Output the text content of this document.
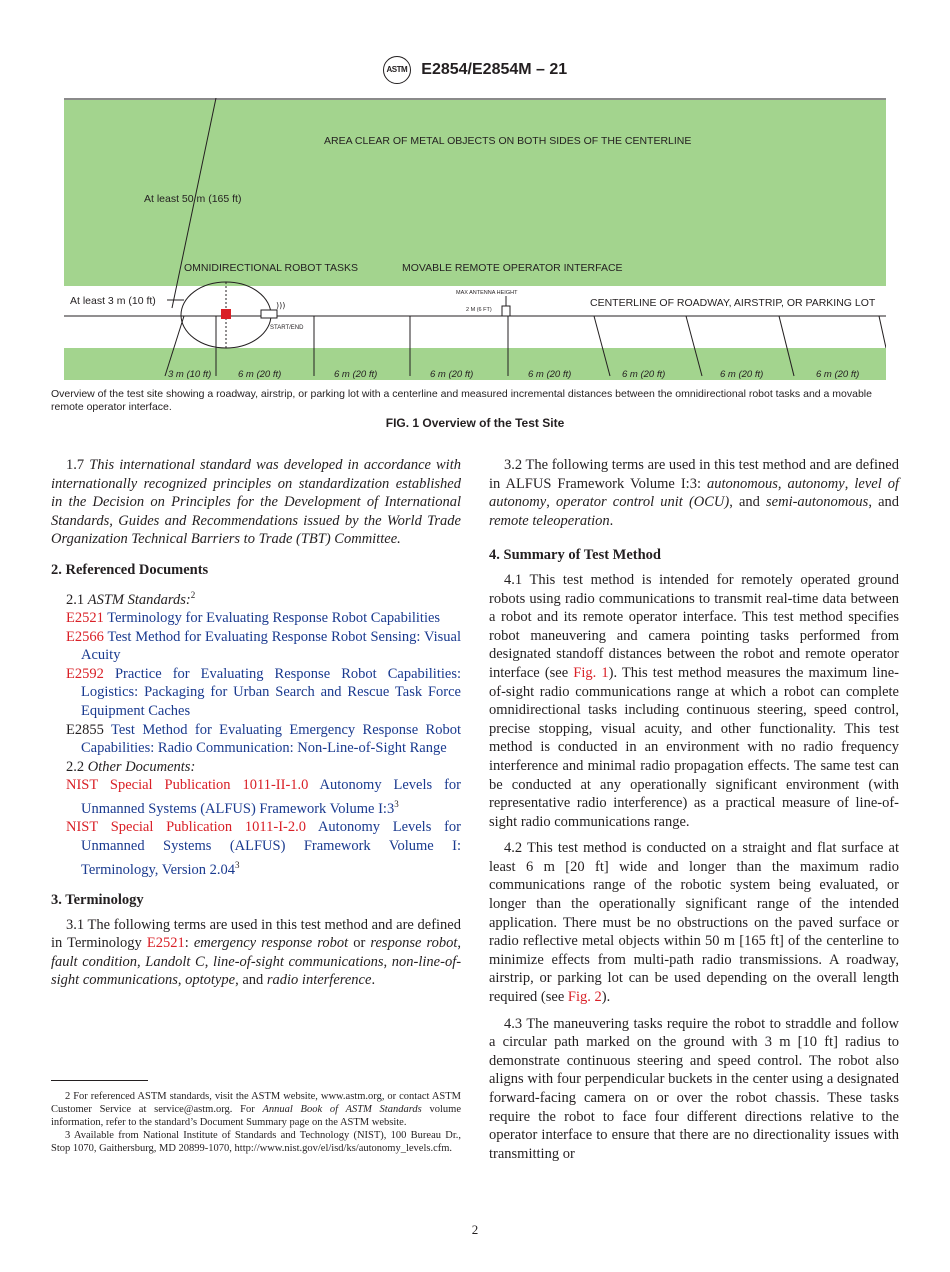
ASTM E2854/E2854M – 21
AREA CLEAR OF METAL OBJECTS ON BOTH SIDES OF THE CENTERLINE
At least 50 m (165 ft)
OMNIDIRECTIONAL ROBOT TASKS	MOVABLE REMOTE OPERATOR INTERFACE
At least 3 m (10 ft)
START/END
)))
MAX ANTENNA HEIGHT
2 M (6 FT)
CENTERLINE OF ROADWAY, AIRSTRIP, OR PARKING LOT
3 m (10 ft)	6 m (20 ft)	6 m (20 ft)	6 m (20 ft)	6 m (20 ft)	6 m (20 ft)	6 m (20 ft)	6 m (20 ft)
Overview of the test site showing a roadway, airstrip, or parking lot with a centerline and measured incremental distances between the omnidirectional robot tasks and a movable remote operator interface.
FIG. 1 Overview of the Test Site

1.7 This international standard was developed in accordance with internationally recognized principles on standardization established in the Decision on Principles for the Development of International Standards, Guides and Recommendations issued by the World Trade Organization Technical Barriers to Trade (TBT) Committee.

2. Referenced Documents

2.1 ASTM Standards:$^2$

E2521 Terminology for Evaluating Response Robot Capabilities
E2566 Test Method for Evaluating Response Robot Sensing: Visual Acuity
E2592 Practice for Evaluating Response Robot Capabilities: Logistics: Packaging for Urban Search and Rescue Task Force Equipment Caches
E2855 Test Method for Evaluating Emergency Response Robot Capabilities: Radio Communication: Non-Line-of-Sight Range

2.2 Other Documents:

NIST Special Publication 1011-II-1.0 Autonomy Levels for Unmanned Systems (ALFUS) Framework Volume $I:3^3$
NIST Special Publication 1011-I-2.0 Autonomy Levels for Unmanned Systems (ALFUS) Framework Volume I: Terminology, Version 2.04$^3$
3. Terminology

3.1 The following terms are used in this test method and are defined in Terminology E2521: emergency response robot or response robot, fault condition, Landolt C, line-of-sight communications, non-line-of-sight communications, optotype, and radio interference.

3.2 The following terms are used in this test method and are defined in ALFUS Framework Volume I:3: autonomous, autonomy, level of autonomy, operator control unit (OCU), and semi-autonomous, and remote teleoperation.

4. Summary of Test Method

4.1 This test method is intended for remotely operated ground robots using radio communications to transmit real-time data between a robot and its remote operator interface. This test method specifies robot maneuvering and camera pointing tasks performed from designated standoff distances between the robot and remote operator interface (see Fig. 1). This test method measures the maximum line-of-sight radio communications range at which a robot can complete omnidirectional tasks including continuous steering, speed control, precise stopping, visual acuity, and other functionality. This test method is conducted in an environment with no radio frequency interference and minimal radio propagation effects. The same test can be conducted at any operationally significant environment (with representative radio interference) as a practical measure of line-of-sight radio communications range.

4.2 This test method is conducted on a straight and flat surface at least 6 m [20 ft] wide and longer than the maximum radio communications range of the robotic system being evaluated, or longer than the operationally significant range of the intended application. There must be no obstructions on the paved surface or radio reflective metal objects within 50 m [165 ft] of the centerline to minimize effects from multi-path radio transmissions. A roadway, airstrip, or parking lot can be used depending on the overall length required (see Fig. 2).

4.3 The maneuvering tasks require the robot to straddle and follow a circular path marked on the ground with 3 m [10 ft] radius to demonstrate continuous steering and speed control. The robot also aligns with four perpendicular buckets in the center using a designated forward-facing camera on or over the robot chassis. These tasks require the robot to face four different directions relative to the operator interface to ensure that there are no directionality issues with transmitting or

2 For referenced ASTM standards, visit the ASTM website, www.astm.org, or contact ASTM Customer Service at service@astm.org. For Annual Book of ASTM Standards volume information, refer to the standard’s Document Summary page on the ASTM website.

3 Available from National Institute of Standards and Technology (NIST), 100 Bureau Dr., Stop 1070, Gaithersburg, MD 20899-1070, http://www.nist.gov/el/isd/ks/autonomy_levels.cfm.

2
